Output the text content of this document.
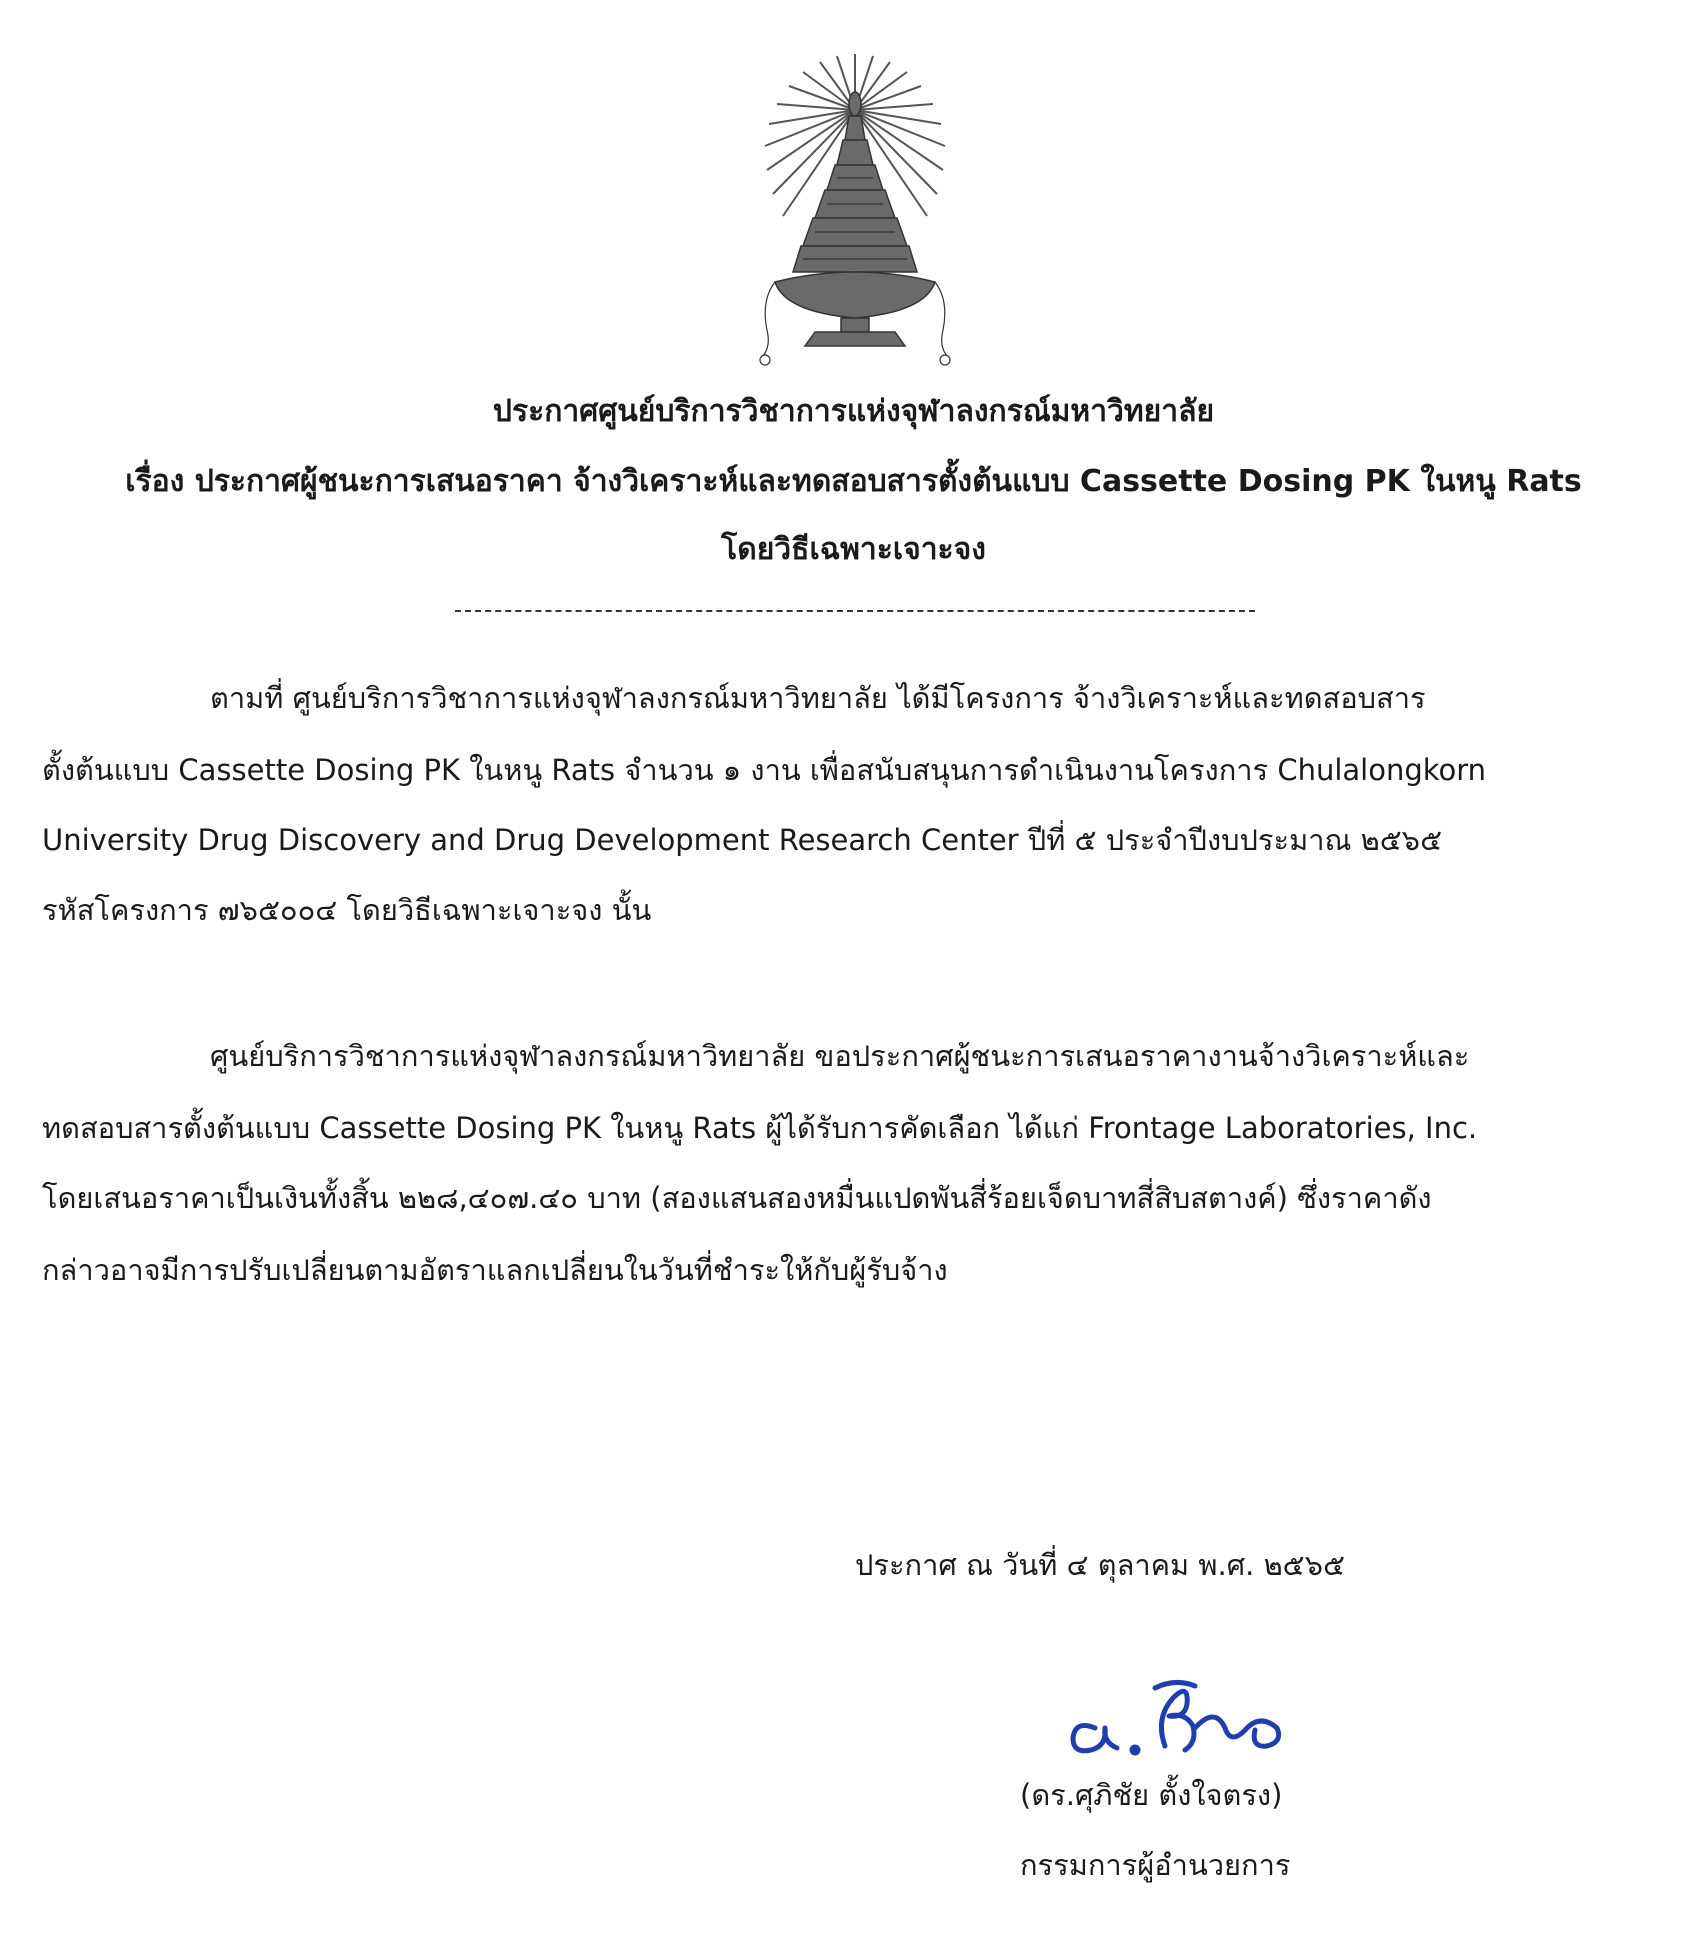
ประกาศศูนย์บริการวิชาการแห่งจุฬาลงกรณ์มหาวิทยาลัย
เรื่อง ประกาศผู้ชนะการเสนอราคา จ้างวิเคราะห์และทดสอบสารตั้งต้นแบบ Cassette Dosing PK ในหนู Rats
โดยวิธีเฉพาะเจาะจง
ตามที่ ศูนย์บริการวิชาการแห่งจุฬาลงกรณ์มหาวิทยาลัย ได้มีโครงการ จ้างวิเคราะห์และทดสอบสาร
ตั้งต้นแบบ Cassette Dosing PK ในหนู Rats จำนวน ๑ งาน เพื่อสนับสนุนการดำเนินงานโครงการ Chulalongkorn
University Drug Discovery and Drug Development Research Center ปีที่ ๕ ประจำปีงบประมาณ ๒๕๖๕
รหัสโครงการ ๗๖๕๐๐๔ โดยวิธีเฉพาะเจาะจง นั้น
ศูนย์บริการวิชาการแห่งจุฬาลงกรณ์มหาวิทยาลัย ขอประกาศผู้ชนะการเสนอราคางานจ้างวิเคราะห์และ
ทดสอบสารตั้งต้นแบบ Cassette Dosing PK ในหนู Rats ผู้ได้รับการคัดเลือก ได้แก่ Frontage Laboratories, Inc.
โดยเสนอราคาเป็นเงินทั้งสิ้น ๒๒๘,๔๐๗.๔๐ บาท (สองแสนสองหมื่นแปดพันสี่ร้อยเจ็ดบาทสี่สิบสตางค์) ซึ่งราคาดัง
กล่าวอาจมีการปรับเปลี่ยนตามอัตราแลกเปลี่ยนในวันที่ชำระให้กับผู้รับจ้าง
ประกาศ ณ วันที่ ๔ ตุลาคม พ.ศ. ๒๕๖๕
(ดร.ศุภิชัย ตั้งใจตรง)
กรรมการผู้อำนวยการ
